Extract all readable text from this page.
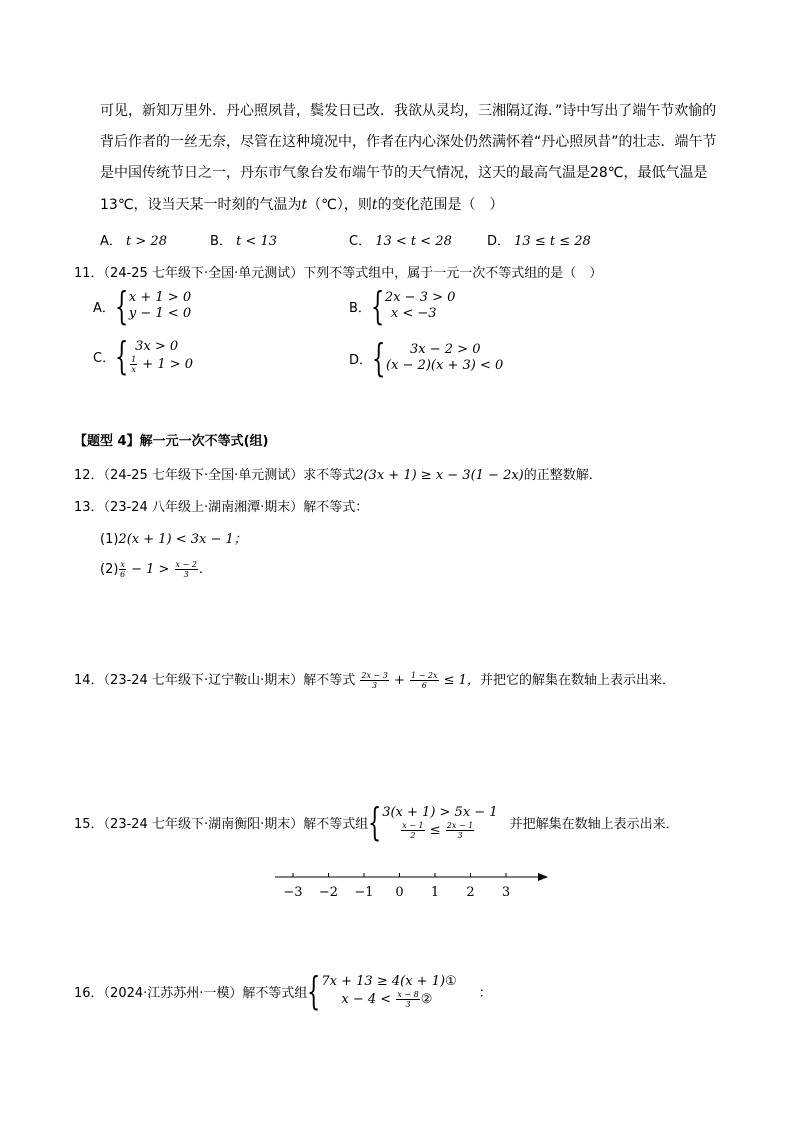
可见，新知万里外．丹心照夙昔，鬓发日已改．我欲从灵均，三湘隔辽海．”诗中写出了端午节欢愉的
背后作者的一丝无奈，尽管在这种境况中，作者在内心深处仍然满怀着“丹心照夙昔”的壮志．端午节
是中国传统节日之一，丹东市气象台发布端午节的天气情况，这天的最高气温是28℃，最低气温是
13℃，设当天某一时刻的气温为t（℃），则t的变化范围是（　）
A． t > 28	B． t < 13	C． 13 < t < 28	D． 13 ≤ t ≤ 28
11．（24-25 七年级下·全国·单元测试）下列不等式组中，属于一元一次不等式组的是（　）
A． { x + 1 > 0
y − 1 < 0	B． { 2x − 3 > 0
x < −3
C． { 3x > 0
$\frac{1}{x} + 1 > 0$	D． {	3x − 2 > 0
(x − 2)(x + 3) < 0
【题型 4】解一元一次不等式(组)
12．（24-25 七年级下·全国·单元测试）求不等式2(3x + 1) ≥ x − 3(1 − 2x)的正整数解．
13．（23-24 八年级上·湖南湘潭·期末）解不等式：
(1)2(x + 1) < 3x − 1；
$(2) \frac{x}{6} - 1 > \frac{x - 2}{3}$ .
14．（23-24 七年级下·辽宁鞍山·期末）解不等式 $\frac{2x - 3}{3} + \frac{1 - 2x}{6} \le 1$，并把它的解集在数轴上表示出来．
15．（23-24 七年级下·湖南衡阳·期末）解不等式组 { 3(x + 1) > 5x − 1
$\frac{x - 1}{2} \le \frac{2x - 1}{3}$	并把解集在数轴上表示出来．
−3 −2 −1 0 1 2 3
16．（2024·江苏苏州·一模）解不等式组 { 7x + 13 ≥ 4(x + 1)①
$x - 4 < \frac{x - 8}{3}$ ②	：
